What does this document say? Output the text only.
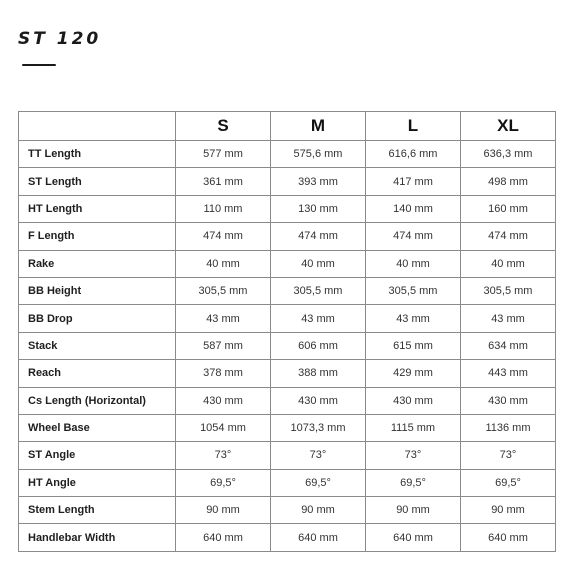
ST 120
	S	M	L	XL
TT Length	577 mm	575,6 mm	616,6 mm	636,3 mm
ST Length	361 mm	393 mm	417 mm	498 mm
HT Length	110 mm	130 mm	140 mm	160 mm
F Length	474 mm	474 mm	474 mm	474 mm
Rake	40 mm	40 mm	40 mm	40 mm
BB Height	305,5 mm	305,5 mm	305,5 mm	305,5 mm
BB Drop	43 mm	43 mm	43 mm	43 mm
Stack	587 mm	606 mm	615 mm	634 mm
Reach	378 mm	388 mm	429 mm	443 mm
Cs Length (Horizontal)	430 mm	430 mm	430 mm	430 mm
Wheel Base	1054 mm	1073,3 mm	1115 mm	1136 mm
ST Angle	73°	73°	73°	73°
HT Angle	69,5°	69,5°	69,5°	69,5°
Stem Length	90 mm	90 mm	90 mm	90 mm
Handlebar Width	640 mm	640 mm	640 mm	640 mm
